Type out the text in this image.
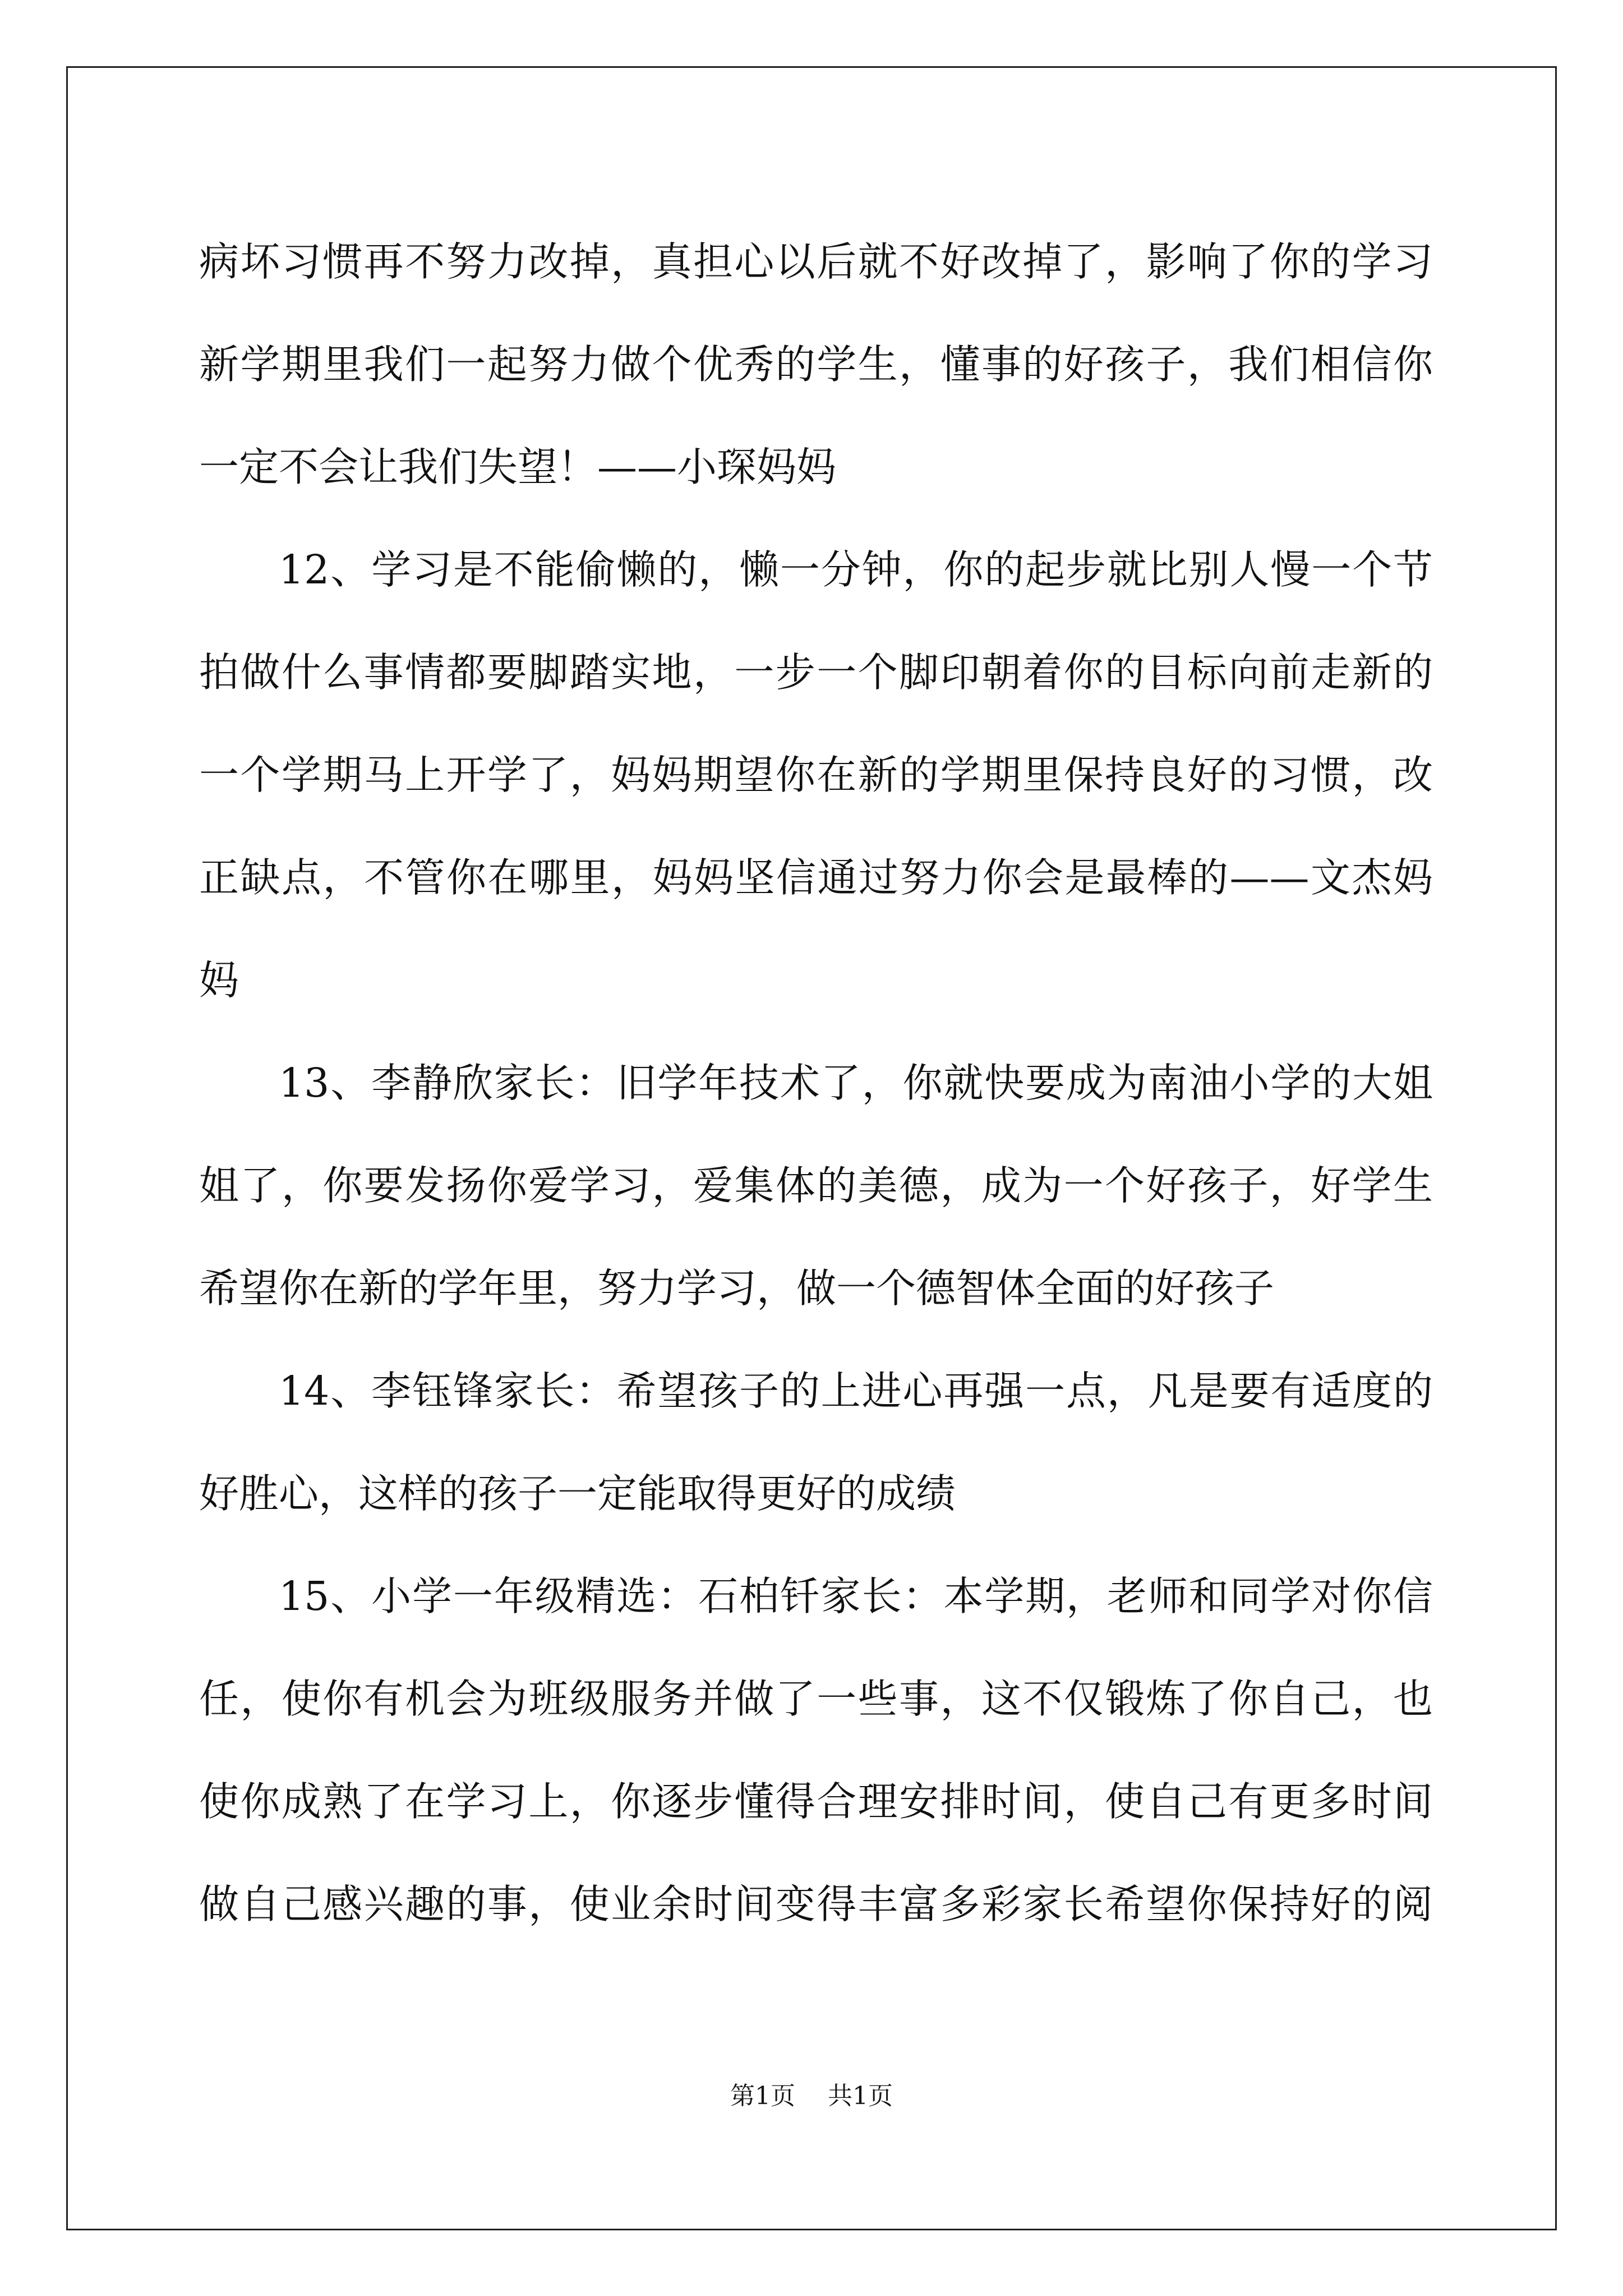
病坏习惯再不努力改掉，真担心以后就不好改掉了，影响了你的学习
新学期里我们一起努力做个优秀的学生，懂事的好孩子，我们相信你
一定不会让我们失望！——小琛妈妈
12、学习是不能偷懒的，懒一分钟，你的起步就比别人慢一个节
拍做什么事情都要脚踏实地，一步一个脚印朝着你的目标向前走新的
一个学期马上开学了，妈妈期望你在新的学期里保持良好的习惯，改
正缺点，不管你在哪里，妈妈坚信通过努力你会是最棒的——文杰妈
妈
13、李静欣家长：旧学年技术了，你就快要成为南油小学的大姐
姐了，你要发扬你爱学习，爱集体的美德，成为一个好孩子，好学生
希望你在新的学年里，努力学习，做一个德智体全面的好孩子
14、李钰锋家长：希望孩子的上进心再强一点，凡是要有适度的
好胜心，这样的孩子一定能取得更好的成绩
15、小学一年级精选：石柏钎家长：本学期，老师和同学对你信
任，使你有机会为班级服务并做了一些事，这不仅锻炼了你自己，也
使你成熟了在学习上，你逐步懂得合理安排时间，使自己有更多时间
做自己感兴趣的事，使业余时间变得丰富多彩家长希望你保持好的阅
第1页 共1页
